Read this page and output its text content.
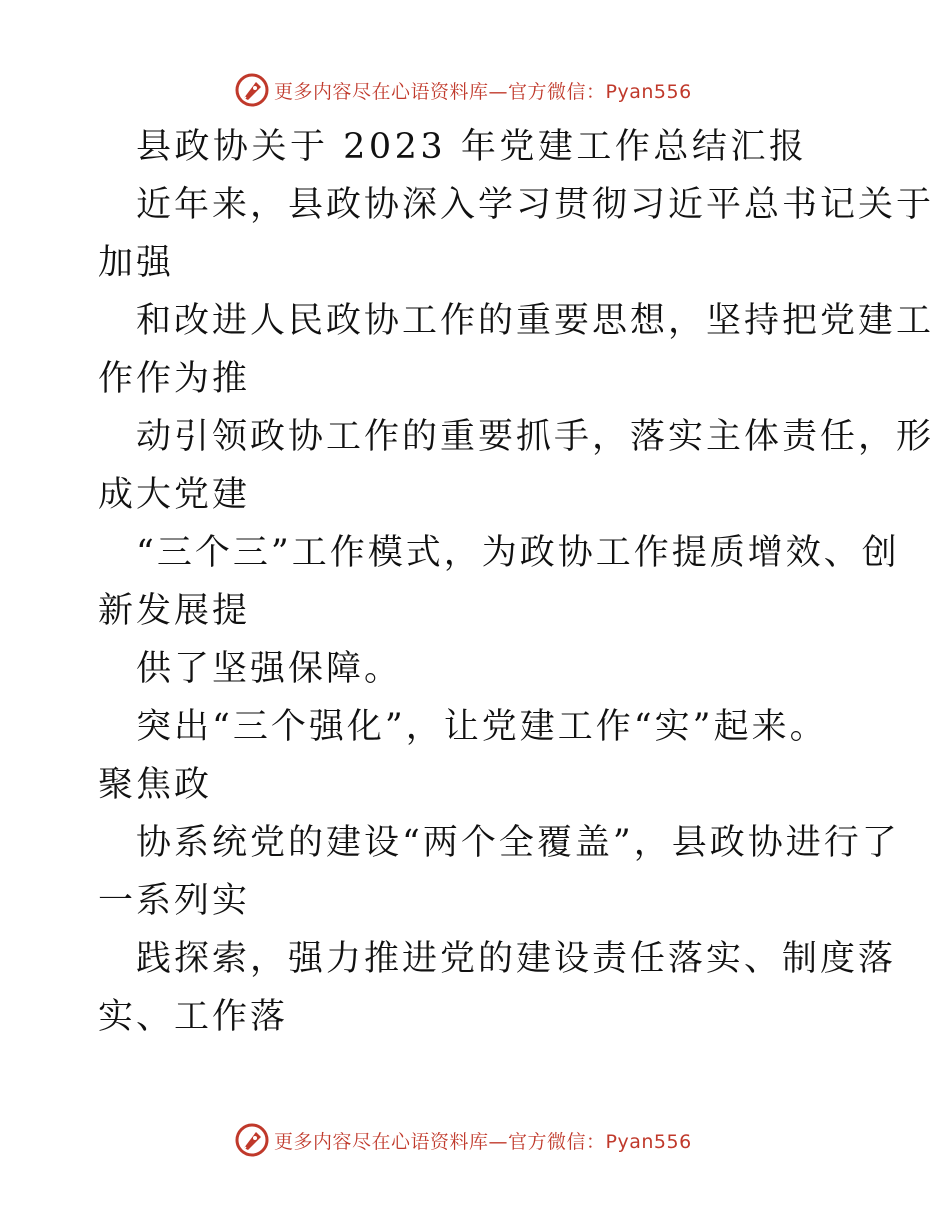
更多内容尽在心语资料库—官方微信：Pyan556
县政协关于 2023 年党建工作总结汇报
近年来，县政协深入学习贯彻习近平总书记关于
加强
和改进人民政协工作的重要思想，坚持把党建工
作作为推
动引领政协工作的重要抓手，落实主体责任，形
成大党建
“三个三”工作模式，为政协工作提质增效、创
新发展提
供了坚强保障。
突出“三个强化”，让党建工作“实”起来。
聚焦政
协系统党的建设“两个全覆盖”，县政协进行了
一系列实
践探索，强力推进党的建设责任落实、制度落
实、工作落
更多内容尽在心语资料库—官方微信：Pyan556
